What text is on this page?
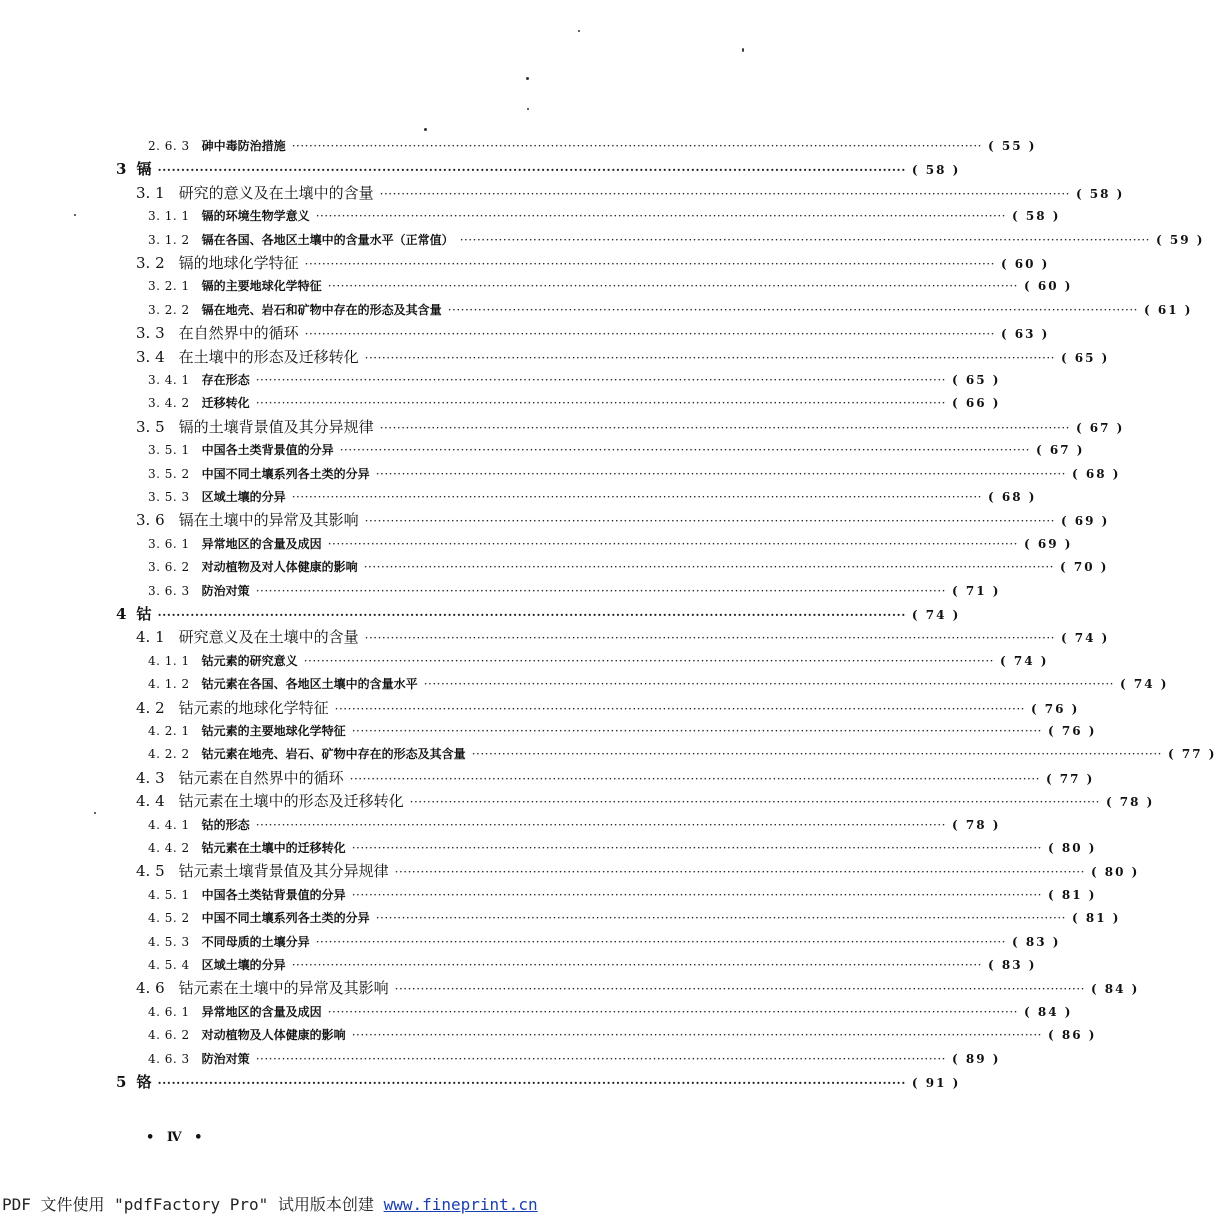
2. 6. 3 砷中毒防治措施 ································································································································································ ( 55 )
3 镉 ································································································································································ ( 58 )
3. 1 研究的意义及在土壤中的含量 ································································································································································ ( 58 )
3. 1. 1 镉的环境生物学意义 ································································································································································ ( 58 )
3. 1. 2 镉在各国、各地区土壤中的含量水平（正常值） ································································································································································ ( 59 )
3. 2 镉的地球化学特征 ································································································································································ ( 60 )
3. 2. 1 镉的主要地球化学特征 ································································································································································ ( 60 )
3. 2. 2 镉在地壳、岩石和矿物中存在的形态及其含量 ································································································································································ ( 61 )
3. 3 在自然界中的循环 ································································································································································ ( 63 )
3. 4 在土壤中的形态及迁移转化 ································································································································································ ( 65 )
3. 4. 1 存在形态 ································································································································································ ( 65 )
3. 4. 2 迁移转化 ································································································································································ ( 66 )
3. 5 镉的土壤背景值及其分异规律 ································································································································································ ( 67 )
3. 5. 1 中国各土类背景值的分异 ································································································································································ ( 67 )
3. 5. 2 中国不同土壤系列各土类的分异 ································································································································································ ( 68 )
3. 5. 3 区域土壤的分异 ································································································································································ ( 68 )
3. 6 镉在土壤中的异常及其影响 ································································································································································ ( 69 )
3. 6. 1 异常地区的含量及成因 ································································································································································ ( 69 )
3. 6. 2 对动植物及对人体健康的影响 ································································································································································ ( 70 )
3. 6. 3 防治对策 ································································································································································ ( 71 )
4 钴 ································································································································································ ( 74 )
4. 1 研究意义及在土壤中的含量 ································································································································································ ( 74 )
4. 1. 1 钴元素的研究意义 ································································································································································ ( 74 )
4. 1. 2 钴元素在各国、各地区土壤中的含量水平 ································································································································································ ( 74 )
4. 2 钴元素的地球化学特征 ································································································································································ ( 76 )
4. 2. 1 钴元素的主要地球化学特征 ································································································································································ ( 76 )
4. 2. 2 钴元素在地壳、岩石、矿物中存在的形态及其含量 ································································································································································ ( 77 )
4. 3 钴元素在自然界中的循环 ································································································································································ ( 77 )
4. 4 钴元素在土壤中的形态及迁移转化 ································································································································································ ( 78 )
4. 4. 1 钴的形态 ································································································································································ ( 78 )
4. 4. 2 钴元素在土壤中的迁移转化 ································································································································································ ( 80 )
4. 5 钴元素土壤背景值及其分异规律 ································································································································································ ( 80 )
4. 5. 1 中国各土类钴背景值的分异 ································································································································································ ( 81 )
4. 5. 2 中国不同土壤系列各土类的分异 ································································································································································ ( 81 )
4. 5. 3 不同母质的土壤分异 ································································································································································ ( 83 )
4. 5. 4 区域土壤的分异 ································································································································································ ( 83 )
4. 6 钴元素在土壤中的异常及其影响 ································································································································································ ( 84 )
4. 6. 1 异常地区的含量及成因 ································································································································································ ( 84 )
4. 6. 2 对动植物及人体健康的影响 ································································································································································ ( 86 )
4. 6. 3 防治对策 ································································································································································ ( 89 )
5 铬 ································································································································································ ( 91 )
• Ⅳ •
PDF 文件使用 "pdfFactory Pro" 试用版本创建 www.fineprint.cn
